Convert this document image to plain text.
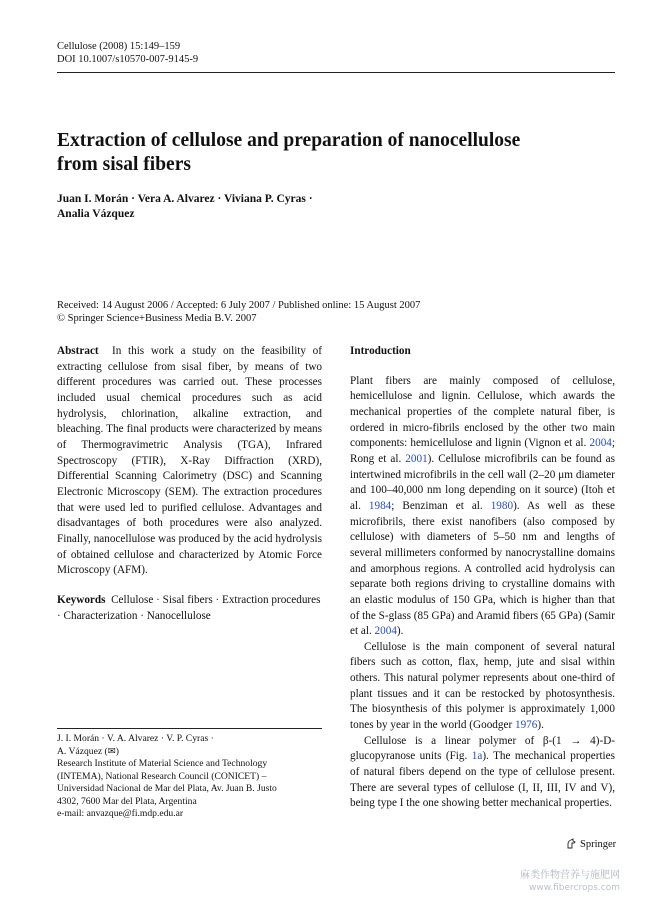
Cellulose (2008) 15:149–159
DOI 10.1007/s10570-007-9145-9
Extraction of cellulose and preparation of nanocellulose
from sisal fibers
Juan I. Morán · Vera A. Alvarez · Viviana P. Cyras ·
Analia Vázquez
Received: 14 August 2006 / Accepted: 6 July 2007 / Published online: 15 August 2007
© Springer Science+Business Media B.V. 2007

Abstract In this work a study on the feasibility of extracting cellulose from sisal fiber, by means of two different procedures was carried out. These processes included usual chemical procedures such as acid hydrolysis, chlorination, alkaline extraction, and bleaching. The final products were characterized by means of Thermogravimetric Analysis (TGA), Infrared Spectroscopy (FTIR), X-Ray Diffraction (XRD), Differential Scanning Calorimetry (DSC) and Scanning Electronic Microscopy (SEM). The extraction procedures that were used led to purified cellulose. Advantages and disadvantages of both procedures were also analyzed. Finally, nanocellulose was produced by the acid hydrolysis of obtained cellulose and characterized by Atomic Force Microscopy (AFM).

Keywords Cellulose · Sisal fibers · Extraction procedures · Characterization · Nanocellulose

J. I. Morán · V. A. Alvarez · V. P. Cyras ·
A. Vázquez (✉)
Research Institute of Material Science and Technology
(INTEMA), National Research Council (CONICET) –
Universidad Nacional de Mar del Plata, Av. Juan B. Justo
4302, 7600 Mar del Plata, Argentina
e-mail: anvazque@fi.mdp.edu.ar

Introduction

Plant fibers are mainly composed of cellulose, hemicellulose and lignin. Cellulose, which awards the mechanical properties of the complete natural fiber, is ordered in micro-fibrils enclosed by the other two main components: hemicellulose and lignin (Vignon et al. 2004; Rong et al. 2001). Cellulose microfibrils can be found as intertwined microfibrils in the cell wall (2–20 μm diameter and 100–40,000 nm long depending on it source) (Itoh et al. 1984; Benziman et al. 1980). As well as these microfibrils, there exist nanofibers (also composed by cellulose) with diameters of 5–50 nm and lengths of several millimeters conformed by nanocrystalline domains and amorphous regions. A controlled acid hydrolysis can separate both regions driving to crystalline domains with an elastic modulus of 150 GPa, which is higher than that of the S-glass (85 GPa) and Aramid fibers (65 GPa) (Samir et al. 2004).

Cellulose is the main component of several natural fibers such as cotton, flax, hemp, jute and sisal within others. This natural polymer represents about one-third of plant tissues and it can be restocked by photosynthesis. The biosynthesis of this polymer is approximately 1,000 tones by year in the world (Goodger 1976).

Cellulose is a linear polymer of β-(1 → 4)-D-glucopyranose units (Fig. 1a). The mechanical properties of natural fibers depend on the type of cellulose present. There are several types of cellulose (I, II, III, IV and V), being type I the one showing better mechanical properties.

Springer
麻类作物营养与施肥网
www.fibercrops.com
